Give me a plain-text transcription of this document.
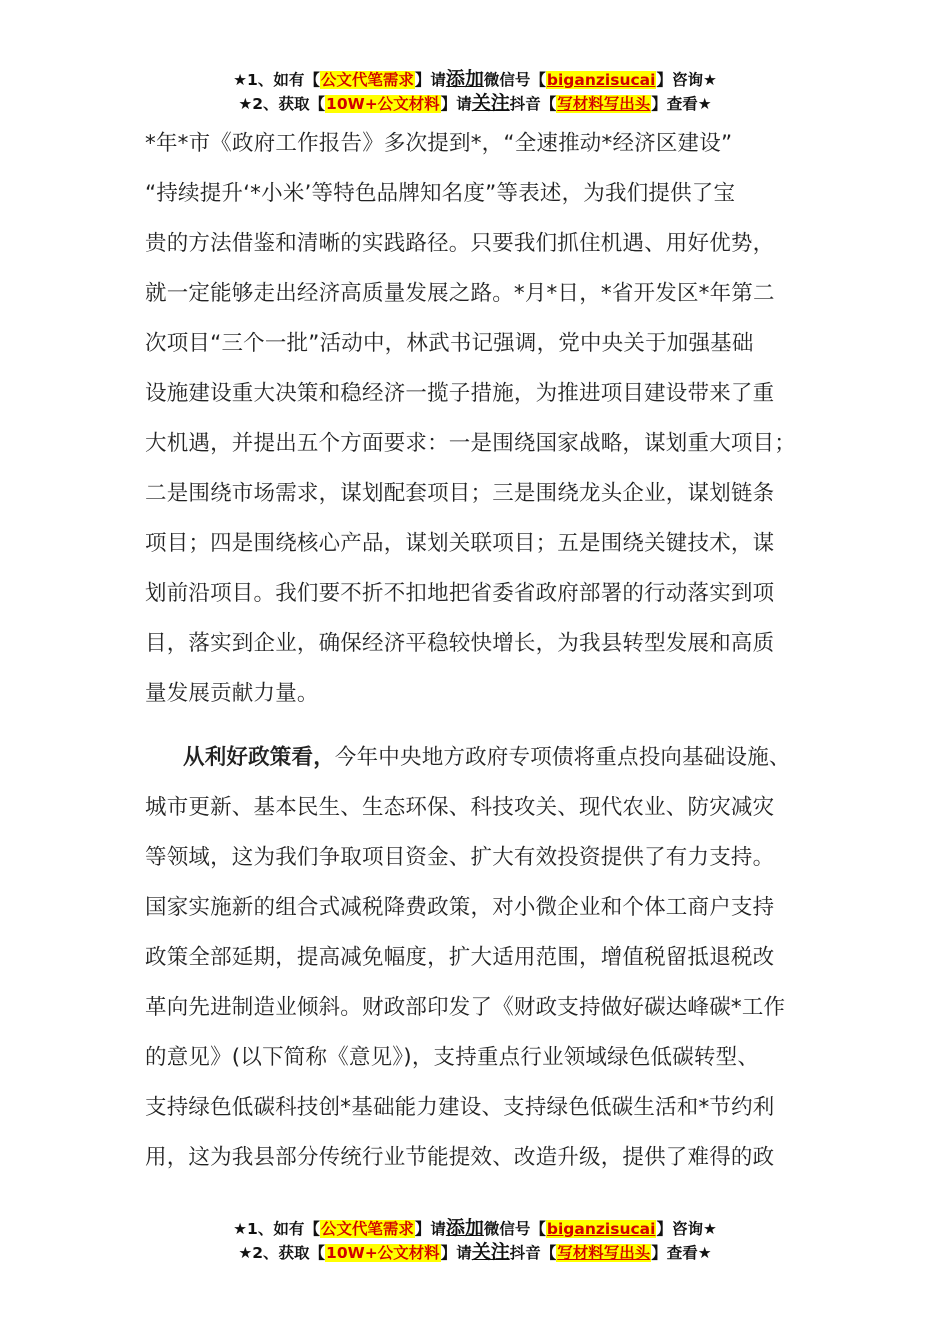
★1、如有【公文代笔需求】请添加微信号【biganzisucai】咨询★
★2、获取【10W+公文材料】请关注抖音【写材料写出头】查看★
*年*市《政府工作报告》多次提到*，“全速推动*经济区建设”
“持续提升‘*小米’等特色品牌知名度”等表述，为我们提供了宝
贵的方法借鉴和清晰的实践路径。只要我们抓住机遇、用好优势，
就一定能够走出经济高质量发展之路。*月*日，*省开发区*年第二
次项目“三个一批”活动中，林武书记强调，党中央关于加强基础
设施建设重大决策和稳经济一揽子措施，为推进项目建设带来了重
大机遇，并提出五个方面要求：一是围绕国家战略，谋划重大项目；
二是围绕市场需求，谋划配套项目；三是围绕龙头企业，谋划链条
项目；四是围绕核心产品，谋划关联项目；五是围绕关键技术，谋
划前沿项目。我们要不折不扣地把省委省政府部署的行动落实到项
目，落实到企业，确保经济平稳较快增长，为我县转型发展和高质
量发展贡献力量。
从利好政策看，今年中央地方政府专项债将重点投向基础设施、
城市更新、基本民生、生态环保、科技攻关、现代农业、防灾减灾
等领域，这为我们争取项目资金、扩大有效投资提供了有力支持。
国家实施新的组合式减税降费政策，对小微企业和个体工商户支持
政策全部延期，提高减免幅度，扩大适用范围，增值税留抵退税改
革向先进制造业倾斜。财政部印发了《财政支持做好碳达峰碳*工作
的意见》(以下简称《意见》)，支持重点行业领域绿色低碳转型、
支持绿色低碳科技创*基础能力建设、支持绿色低碳生活和*节约利
用，这为我县部分传统行业节能提效、改造升级，提供了难得的政
★1、如有【公文代笔需求】请添加微信号【biganzisucai】咨询★
★2、获取【10W+公文材料】请关注抖音【写材料写出头】查看★
